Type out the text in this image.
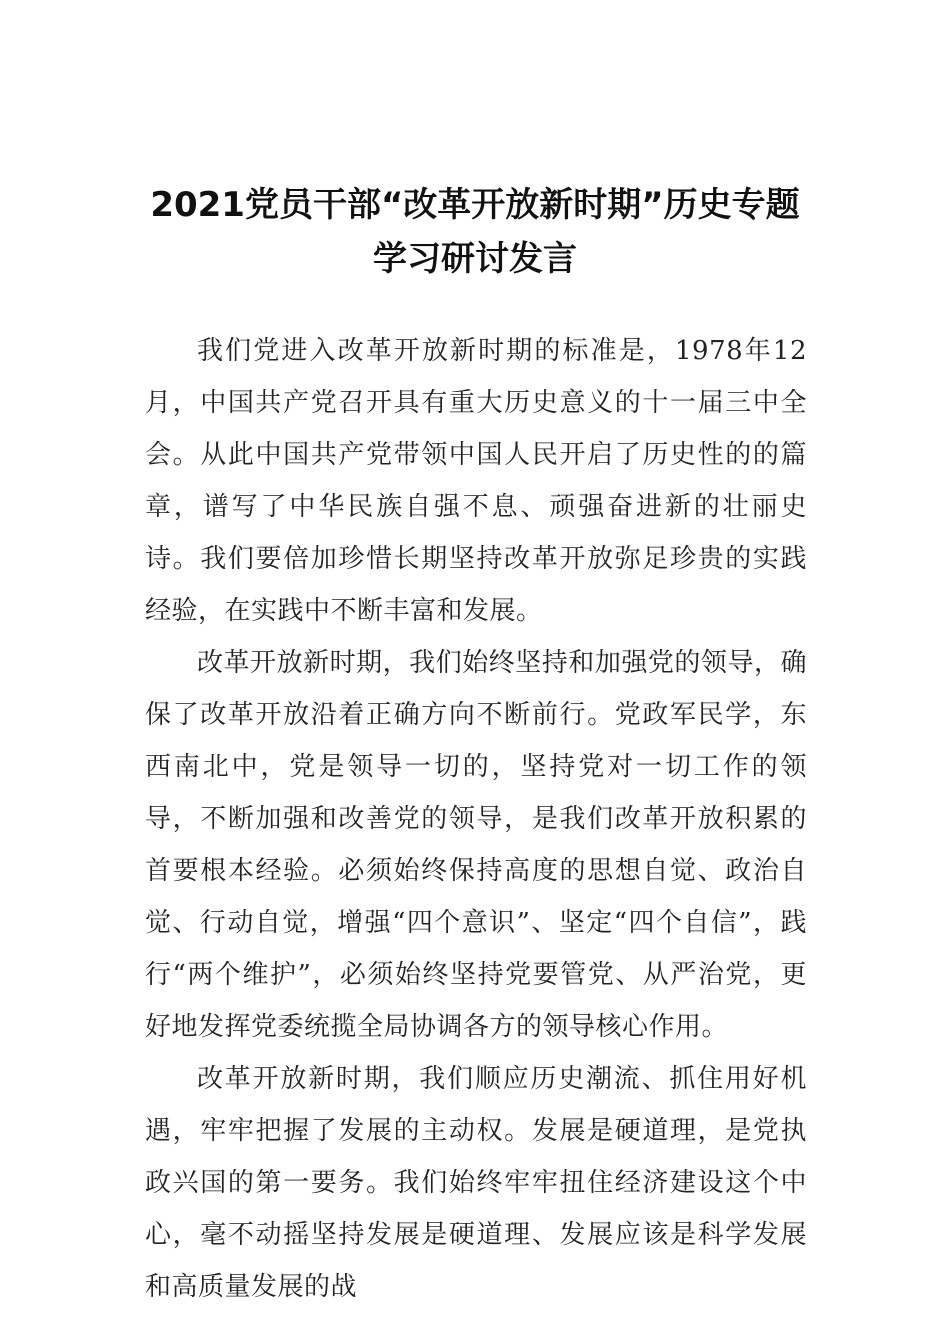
2021党员干部“改革开放新时期”历史专题学习研讨发言

我们党进入改革开放新时期的标准是，1978年12月，中国共产党召开具有重大历史意义的十一届三中全会。从此中国共产党带领中国人民开启了历史性的的篇章，谱写了中华民族自强不息、顽强奋进新的壮丽史诗。我们要倍加珍惜长期坚持改革开放弥足珍贵的实践经验，在实践中不断丰富和发展。

改革开放新时期，我们始终坚持和加强党的领导，确保了改革开放沿着正确方向不断前行。党政军民学，东西南北中，党是领导一切的，坚持党对一切工作的领导，不断加强和改善党的领导，是我们改革开放积累的首要根本经验。必须始终保持高度的思想自觉、政治自觉、行动自觉，增强“四个意识”、坚定“四个自信”，践行“两个维护”，必须始终坚持党要管党、从严治党，更好地发挥党委统揽全局协调各方的领导核心作用。

改革开放新时期，我们顺应历史潮流、抓住用好机遇，牢牢把握了发展的主动权。发展是硬道理，是党执政兴国的第一要务。我们始终牢牢扭住经济建设这个中心，毫不动摇坚持发展是硬道理、发展应该是科学发展和高质量发展的战
